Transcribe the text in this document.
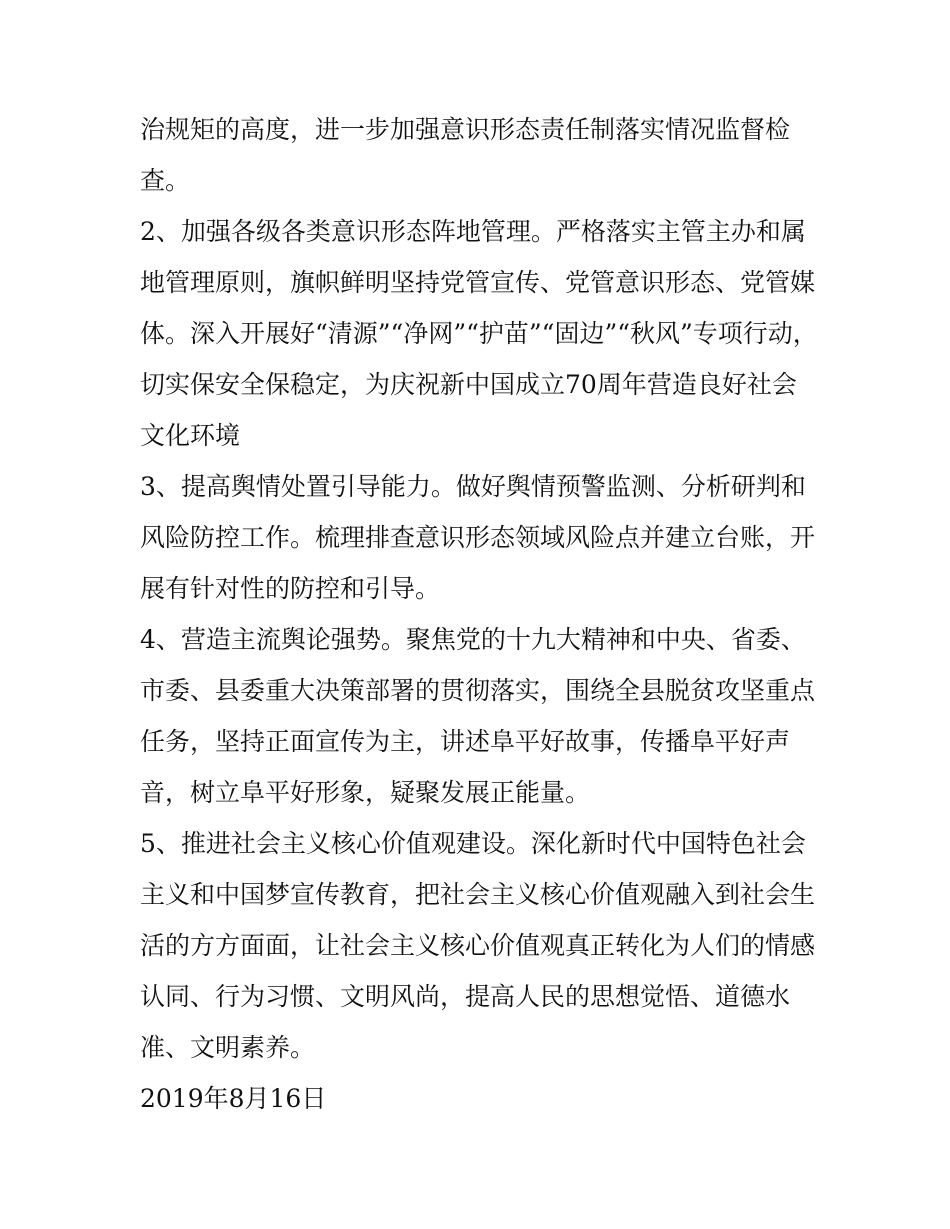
治规矩的高度，进一步加强意识形态责任制落实情况监督检
查。
2、加强各级各类意识形态阵地管理。严格落实主管主办和属
地管理原则，旗帜鲜明坚持党管宣传、党管意识形态、党管媒
体。深入开展好“清源”“净网”“护苗”“固边”“秋风”专项行动，
切实保安全保稳定，为庆祝新中国成立70周年营造良好社会
文化环境
3、提高舆情处置引导能力。做好舆情预警监测、分析研判和
风险防控工作。梳理排查意识形态领域风险点并建立台账，开
展有针对性的防控和引导。
4、营造主流舆论强势。聚焦党的十九大精神和中央、省委、
市委、县委重大决策部署的贯彻落实，围绕全县脱贫攻坚重点
任务，坚持正面宣传为主，讲述阜平好故事，传播阜平好声
音，树立阜平好形象，疑聚发展正能量。
5、推进社会主义核心价值观建设。深化新时代中国特色社会
主义和中国梦宣传教育，把社会主义核心价值观融入到社会生
活的方方面面，让社会主义核心价值观真正转化为人们的情感
认同、行为习惯、文明风尚，提高人民的思想觉悟、道德水
准、文明素养。
2019年8月16日
